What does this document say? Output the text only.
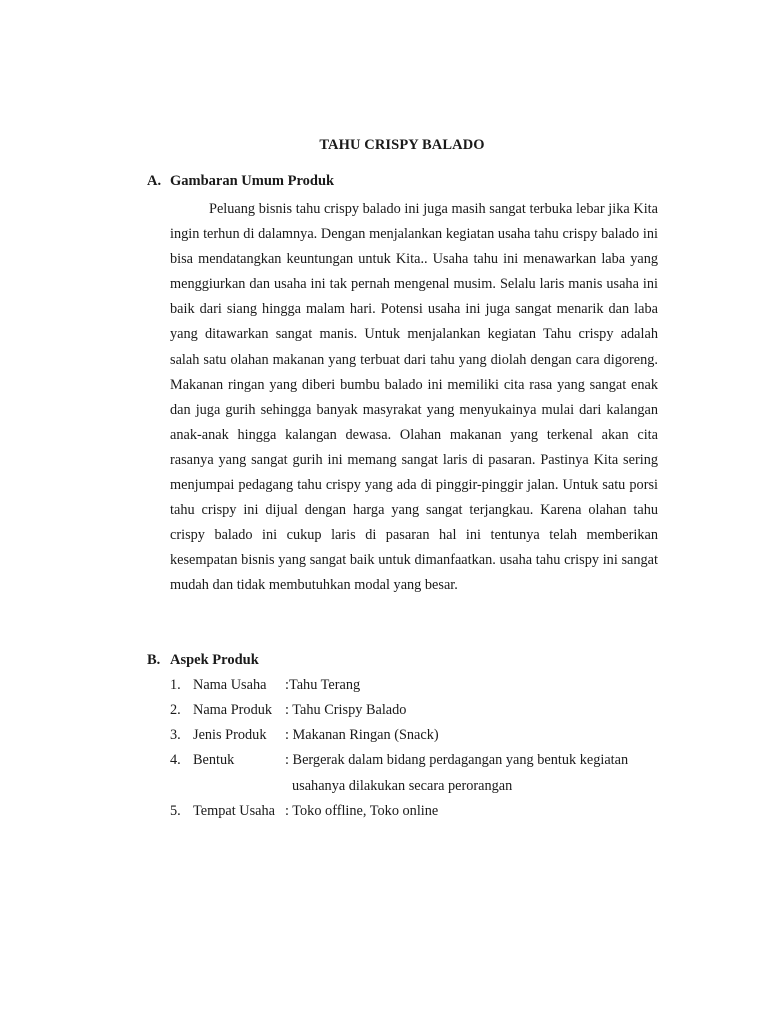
TAHU CRISPY BALADO
A. Gambaran Umum Produk

Peluang bisnis tahu crispy balado ini juga masih sangat terbuka lebar jika Kita ingin terhun di dalamnya. Dengan menjalankan kegiatan usaha tahu crispy balado ini bisa mendatangkan keuntungan untuk Kita.. Usaha tahu ini menawarkan laba yang menggiurkan dan usaha ini tak pernah mengenal musim. Selalu laris manis usaha ini baik dari siang hingga malam hari. Potensi usaha ini juga sangat menarik dan laba yang ditawarkan sangat manis. Untuk menjalankan kegiatan Tahu crispy adalah salah satu olahan makanan yang terbuat dari tahu yang diolah dengan cara digoreng. Makanan ringan yang diberi bumbu balado ini memiliki cita rasa yang sangat enak dan juga gurih sehingga banyak masyrakat yang menyukainya mulai dari kalangan anak-anak hingga kalangan dewasa. Olahan makanan yang terkenal akan cita rasanya yang sangat gurih ini memang sangat laris di pasaran. Pastinya Kita sering menjumpai pedagang tahu crispy yang ada di pinggir-pinggir jalan. Untuk satu porsi tahu crispy ini dijual dengan harga yang sangat terjangkau. Karena olahan tahu crispy balado ini cukup laris di pasaran hal ini tentunya telah memberikan kesempatan bisnis yang sangat baik untuk dimanfaatkan. usaha tahu crispy ini sangat mudah dan tidak membutuhkan modal yang besar.

B. Aspek Produk
1. Nama Usaha	:Tahu Terang
2. Nama Produk : Tahu Crispy Balado
3. Jenis Produk : Makanan Ringan (Snack)
4. Bentuk	: Bergerak dalam bidang perdagangan yang bentuk kegiatan
usahanya dilakukan secara perorangan
5. Tempat Usaha : Toko offline, Toko online
